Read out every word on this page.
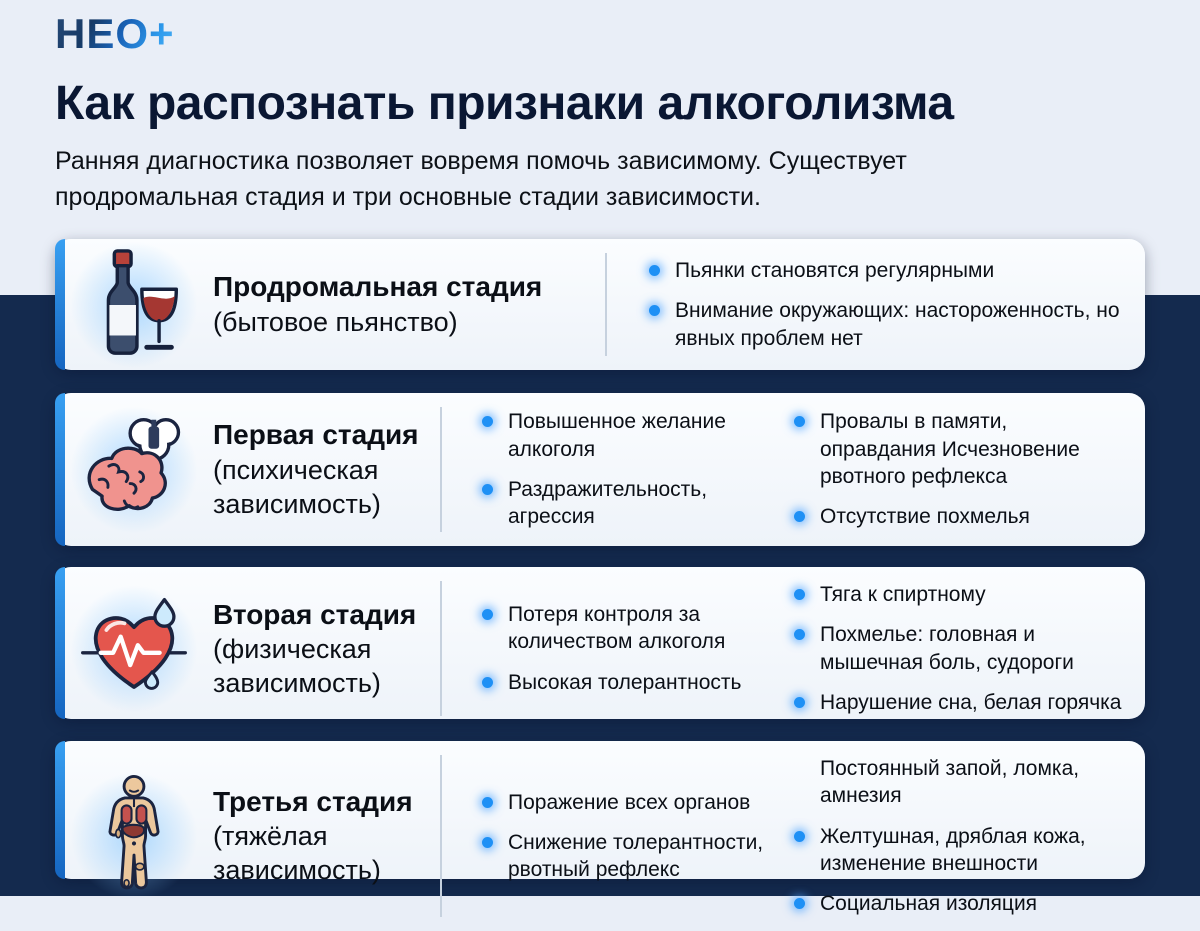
НЕО+
Как распознать признаки алкоголизма

Ранняя диагностика позволяет вовремя помочь зависимому. Существует продромальная стадия и три основные стадии зависимости.

Продромальная стадия
(бытовое пьянство)
Пьянки становятся регулярными
Внимание окружающих: настороженность, но явных проблем нет
Первая стадия
(психическая зависимость)
Повышенное желание алкоголя
Раздражительность, агрессия
Провалы в памяти, оправдания Исчезновение рвотного рефлекса
Отсутствие похмелья
Вторая стадия
(физическая зависимость)
Потеря контроля за количеством алкоголя
Высокая толерантность
Тяга к спиртному
Похмелье: головная и мышечная боль, судороги
Нарушение сна, белая горячка
Третья стадия
(тяжёлая зависимость)
Поражение всех органов
Снижение толерантности, рвотный рефлекс
Постоянный запой, ломка, амнезия
Желтушная, дряблая кожа, изменение внешности
Социальная изоляция
